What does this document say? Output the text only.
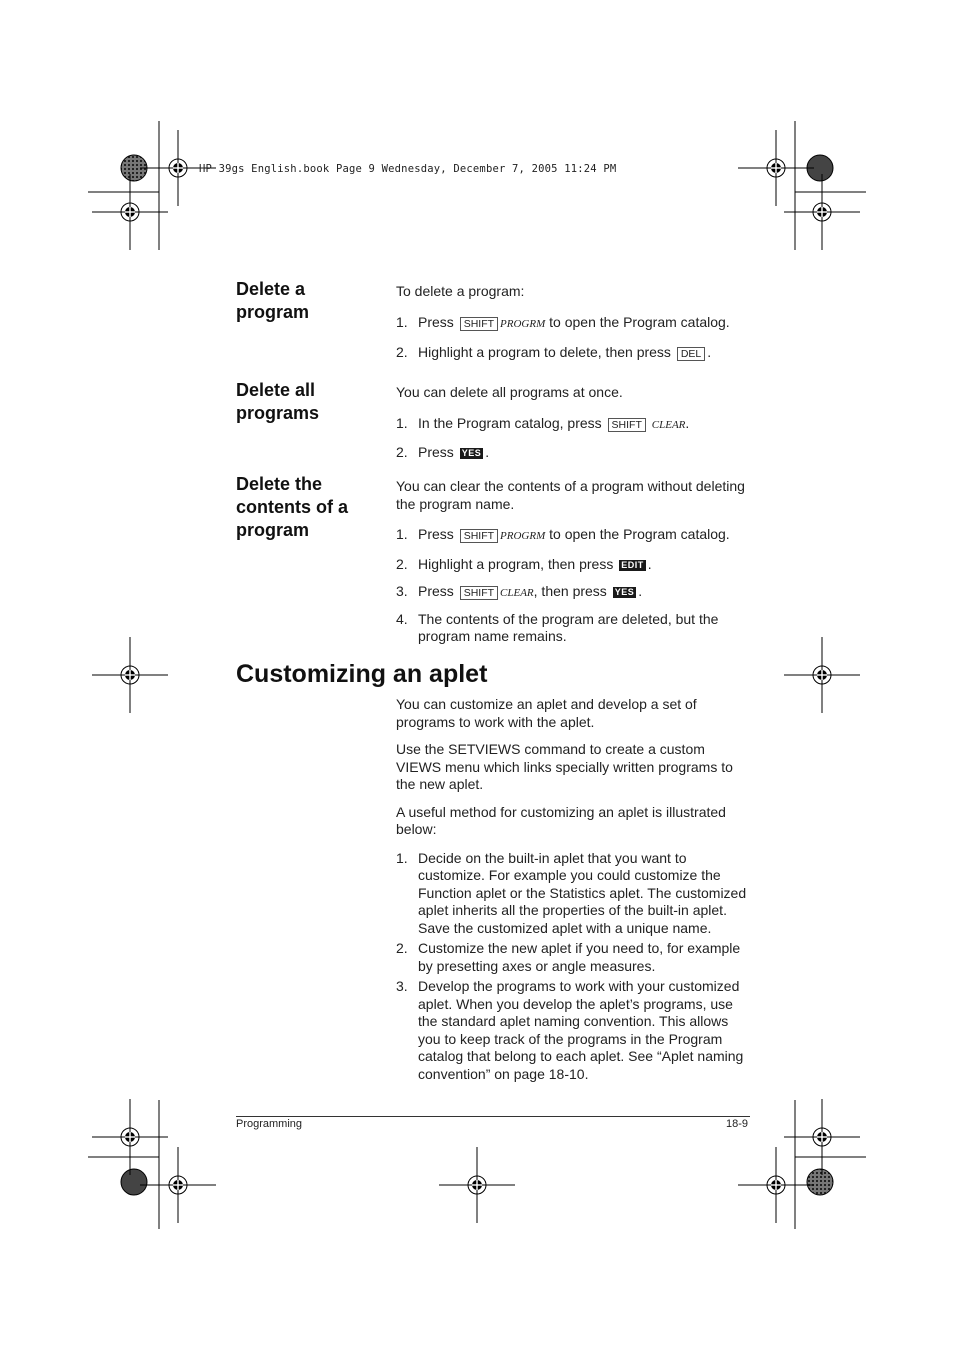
HP 39gs English.book Page 9 Wednesday, December 7, 2005 11:24 PM
Delete a program

To delete a program:

1. Press SHIFT PROGRM to open the Program catalog.
2. Highlight a program to delete, then press DEL .
Delete all programs

You can delete all programs at once.

1. In the Program catalog, press SHIFT CLEAR.
2. Press YES .
Delete the contents of a program

You can clear the contents of a program without deleting the program name.

1. Press SHIFT PROGRM to open the Program catalog.
2. Highlight a program, then press EDIT .
3. Press SHIFT CLEAR, then press YES .
4. The contents of the program are deleted, but the program name remains.
Customizing an aplet

You can customize an aplet and develop a set of programs to work with the aplet.

Use the SETVIEWS command to create a custom VIEWS menu which links specially written programs to the new aplet.

A useful method for customizing an aplet is illustrated below:

1. Decide on the built-in aplet that you want to customize. For example you could customize the Function aplet or the Statistics aplet. The customized aplet inherits all the properties of the built-in aplet. Save the customized aplet with a unique name.
2. Customize the new aplet if you need to, for example by presetting axes or angle measures.
3. Develop the programs to work with your customized aplet. When you develop the aplet’s programs, use the standard aplet naming convention. This allows you to keep track of the programs in the Program catalog that belong to each aplet. See “Aplet naming convention” on page 18-10.
Programming	18-9
